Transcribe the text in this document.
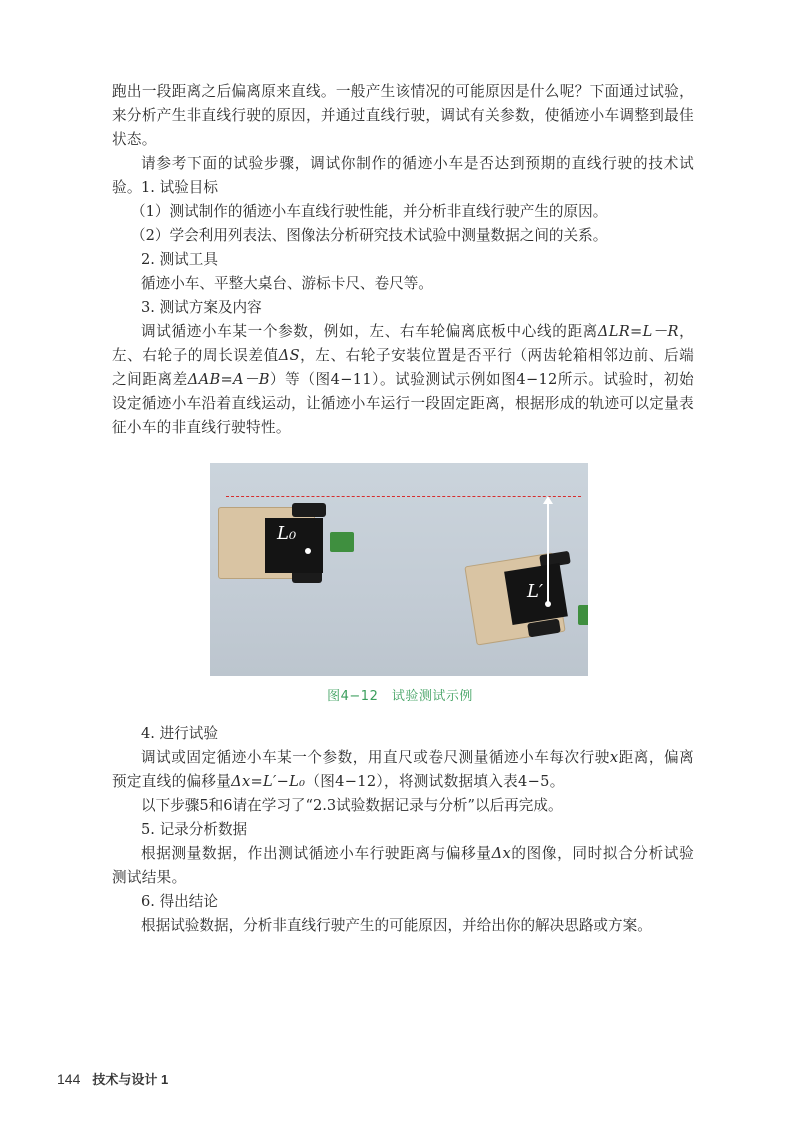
跑出一段距离之后偏离原来直线。一般产生该情况的可能原因是什么呢？下面通过试验，来分析产生非直线行驶的原因，并通过直线行驶，调试有关参数，使循迹小车调整到最佳状态。

请参考下面的试验步骤，调试你制作的循迹小车是否达到预期的直线行驶的技术试验。 1. 试验目标

（1）测试制作的循迹小车直线行驶性能，并分析非直线行驶产生的原因。

（2）学会利用列表法、图像法分析研究技术试验中测量数据之间的关系。

2. 测试工具

循迹小车、平整大桌台、游标卡尺、卷尺等。

3. 测试方案及内容

调试循迹小车某一个参数，例如，左、右车轮偏离底板中心线的距离ΔLR=L－R，左、右轮子的周长误差值ΔS，左、右轮子安装位置是否平行（两齿轮箱相邻边前、后端之间距离差ΔAB=A－B）等（图4−11）。试验测试示例如图4−12所示。试验时，初始设定循迹小车沿着直线运动，让循迹小车运行一段固定距离，根据形成的轨迹可以定量表征小车的非直线行驶特性。

L₀
L′
图4−12　试验测试示例

4. 进行试验

调试或固定循迹小车某一个参数，用直尺或卷尺测量循迹小车每次行驶x距离，偏离预定直线的偏移量Δx=L′−L₀（图4−12），将测试数据填入表4−5。

以下步骤5和6请在学习了“2.3试验数据记录与分析”以后再完成。

5. 记录分析数据

根据测量数据，作出测试循迹小车行驶距离与偏移量Δx的图像，同时拟合分析试验测试结果。

6. 得出结论

根据试验数据，分析非直线行驶产生的可能原因，并给出你的解决思路或方案。

144 技术与设计 1
